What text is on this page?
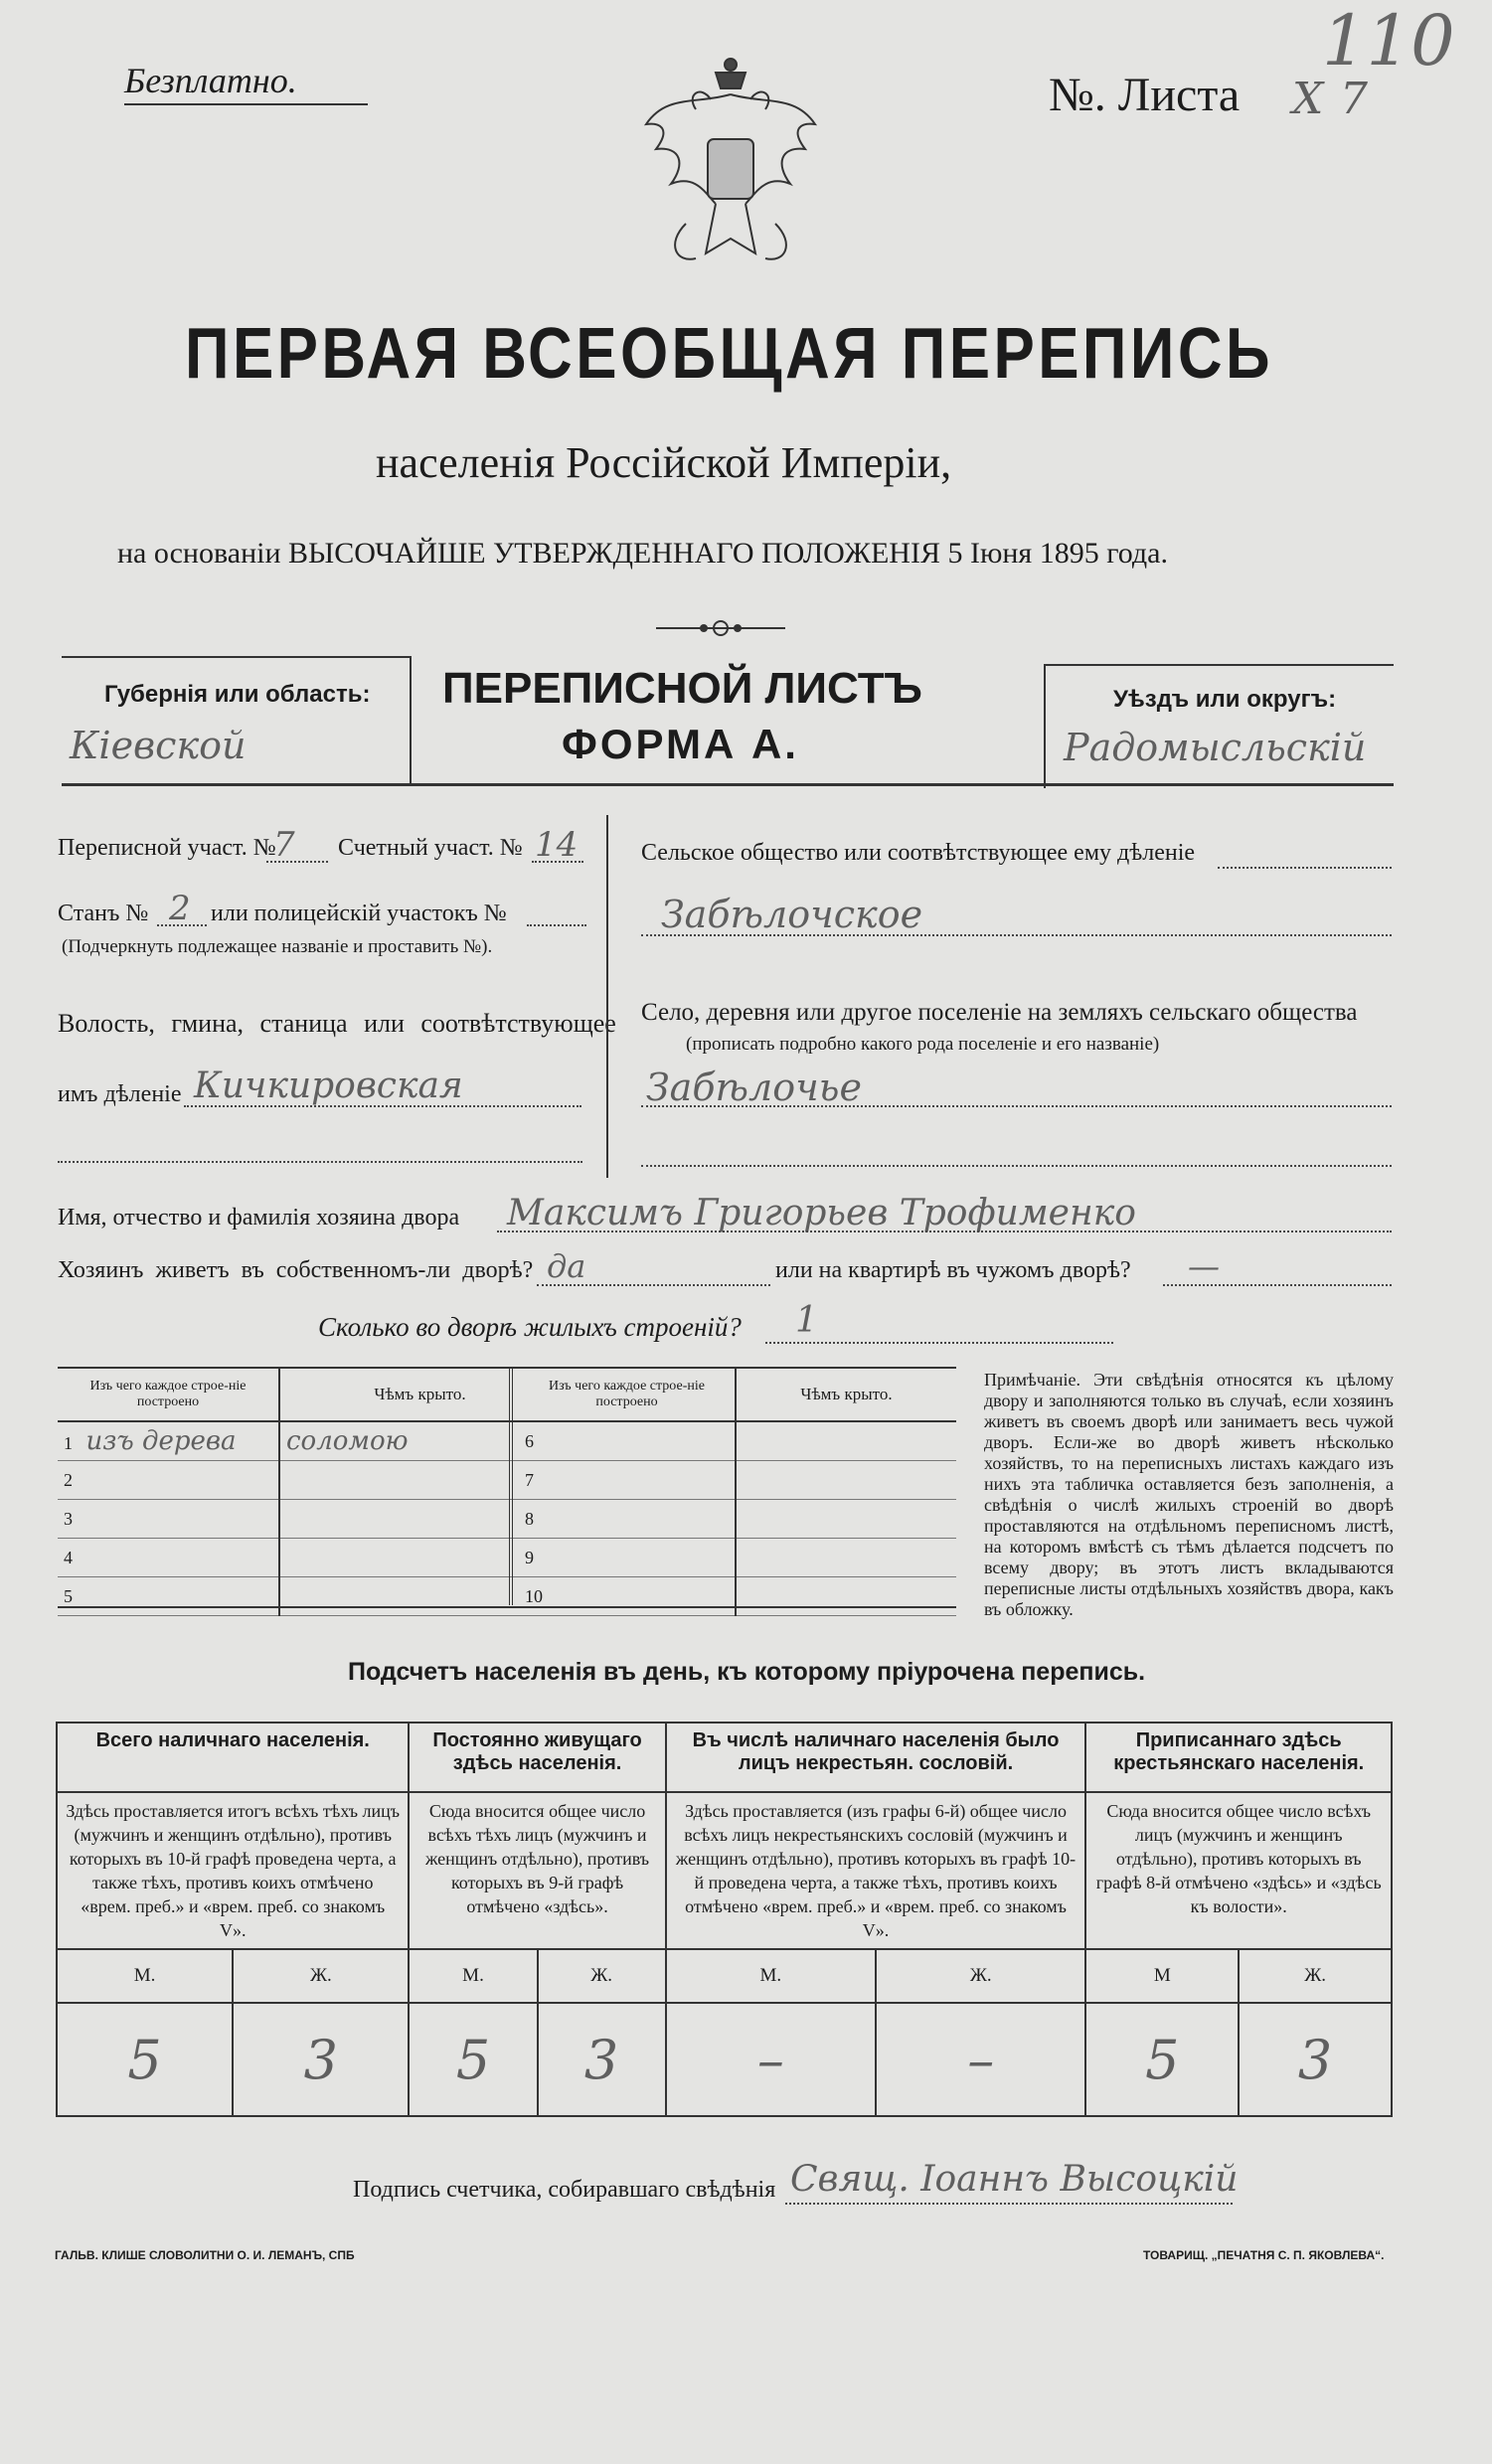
110
Безплатно.	№. Листа X 7
ПЕРВАЯ ВСЕОБЩАЯ ПЕРЕПИСЬ
населенія Россійской Имперіи,
на основаніи ВЫСОЧАЙШЕ УТВЕРЖДЕННАГО ПОЛОЖЕНІЯ 5 Іюня 1895 года.
Губернія или область:
Кіевской
ПЕРЕПИСНОЙ ЛИСТЪ
ФОРМА А.
Уѣздъ или округъ:
Радомысльскій
Переписной участ. №
7 Счетный участ. № 14
Станъ № 2 или полицейскій участокъ №
(Подчеркнуть подлежащее названіе и проставить №).
Волость, гмина, станица или соотвѣтствующее
имъ дѣленіе Кичкировская
Сельское общество или соотвѣтствующее ему дѣленіе
Забѣлочское
Село, деревня или другое поселеніе на земляхъ сельскаго общества
(прописать подробно какого рода поселеніе и его названіе)
Забѣлочье
Имя, отчество и фамилія хозяина двора Максимъ Григорьев Трофименко
Хозяинъ живетъ въ собственномъ-ли дворѣ? да	или на квартирѣ въ чужомъ дворѣ? —
Сколько во дворѣ жилыхъ строеній? 1
Изъ чего каждое строе-ніе построено	Чѣмъ крыто.
1 изъ дерева	соломою
2	
3	
4	
5	
Изъ чего каждое строе-ніе построено	Чѣмъ крыто.
6	
7	
8	
9	
10	
Примѣчаніе. Эти свѣдѣнія относятся къ цѣлому двору и заполняются только въ случаѣ, если хозяинъ живетъ въ своемъ дворѣ или занимаетъ весь чужой дворъ. Если-же во дворѣ живетъ нѣсколько хозяйствъ, то на переписныхъ листахъ каждаго изъ нихъ эта табличка оставляется безъ заполненія, а свѣдѣнія о числѣ жилыхъ строеній во дворѣ проставляются на отдѣльномъ переписномъ листѣ, на которомъ вмѣстѣ съ тѣмъ дѣлается подсчетъ по всему двору; въ этотъ листъ вкладываются переписные листы отдѣльныхъ хозяйствъ двора, какъ въ обложку.
Подсчетъ населенія въ день, къ которому пріурочена перепись.
Всего наличнаго населенія.		Постоянно живущаго здѣсь населенія.		Въ числѣ наличнаго населенія было лицъ некрестьян. сословій.		Приписаннаго здѣсь крестьянскаго населенія.	
Здѣсь проставляется итогъ всѣхъ тѣхъ лицъ (мужчинъ и женщинъ отдѣльно), противъ которыхъ въ 10-й графѣ проведена черта, а также тѣхъ, противъ коихъ отмѣчено «врем. преб.» и «врем. преб. со знакомъ V».		Сюда вносится общее число всѣхъ тѣхъ лицъ (мужчинъ и женщинъ отдѣльно), противъ которыхъ въ 9-й графѣ отмѣчено «здѣсь».		Здѣсь проставляется (изъ графы 6-й) общее число всѣхъ лицъ некрестьянскихъ сословій (мужчинъ и женщинъ отдѣльно), противъ которыхъ въ графѣ 10-й проведена черта, а также тѣхъ, противъ коихъ отмѣчено «врем. преб.» и «врем. преб. со знакомъ V».		Сюда вносится общее число всѣхъ лицъ (мужчинъ и женщинъ отдѣльно), противъ которыхъ въ графѣ 8-й отмѣчено «здѣсь» и «здѣсь къ волости».	
М.	Ж.	М.	Ж.	М.	Ж.	М	Ж.
5	3	5	3	–	–	5	3
Подпись счетчика, собиравшаго свѣдѣнія Свящ. Іоаннъ Высоцкій
ГАЛЬВ. КЛИШЕ СЛОВОЛИТНИ О. И. ЛЕМАНЪ, СПБ	ТОВАРИЩ. „ПЕЧАТНЯ С. П. ЯКОВЛЕВА“.
